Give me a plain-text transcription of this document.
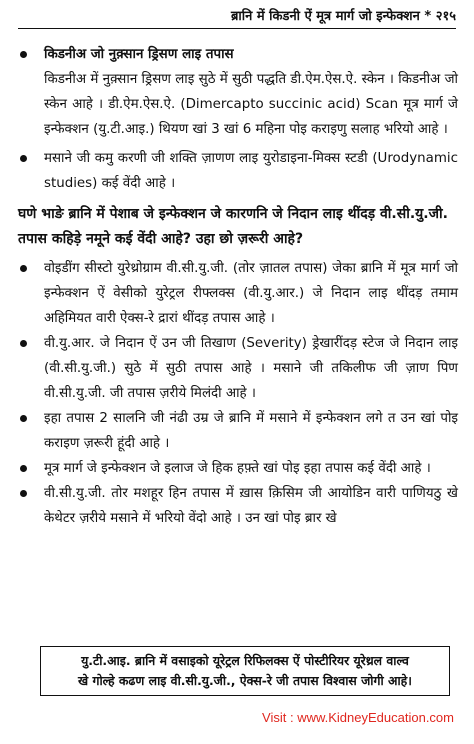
ब्रानि में किडनी ऐं मूत्र मार्ग जो इन्फेक्शन * २१५

किडनीअ जो नुक़्सान ड्रिसण लाइ तपास

किडनीअ में नुक़्सान ड्रिसण लाइ सुठे में सुठी पद्धति डी.ऐम.ऐस.ऐ. स्केन । किडनीअ जो स्केन आहे । डी.ऐम.ऐस.ऐ. (Dimercapto succinic acid) Scan मूत्र मार्ग जे इन्फेक्शन (यु.टी.आइ.) थियण खां 3 खां 6 महिना पोइ कराइणु सलाह भरियो आहे ।

मसाने जी कमु करणी जी शक्ति ज़ाणण लाइ युरोडाइना-मिक्स स्टडी (Urodynamic studies) कई वेंदी आहे ।

घणे भाङे ब्रानि में पेशाब जे इन्फेक्शन जे कारणनि जे निदान लाइ थींदड़ वी.सी.यु.जी. तपास कहिड़े नमूने कई वेंदी आहे? उहा छो ज़रूरी आहे?

वोइडींग सीस्टो युरेथ्रोग्राम वी.सी.यु.जी. (तोर ज़ातल तपास) जेका ब्रानि में मूत्र मार्ग जो इन्फेक्शन ऐं वेसीको युरेट्रल रीफ्लक्स (वी.यु.आर.) जे निदान लाइ थींदड़ तमाम अहिमियत वारी ऐक्स-रे द्रारां थींदड़ तपास आहे ।

वी.यु.आर. जे निदान ऐं उन जी तिखाण (Severity) ड्रेखारींदड़ स्टेज जे निदान लाइ (वी.सी.यु.जी.) सुठे में सुठी तपास आहे । मसाने जी तकिलीफ जी ज़ाण पिण वी.सी.यु.जी. जी तपास ज़रीये मिलंदी आहे ।

इहा तपास 2 सालनि जी नंढी उम्र जे ब्रानि में मसाने में इन्फेक्शन लगे त उन खां पोइ कराइण ज़रूरी हूंदी आहे ।

मूत्र मार्ग जे इन्फेक्शन जे इलाज जे हिक हफ़्ते खां पोइ इहा तपास कई वेंदी आहे ।

वी.सी.यु.जी. तोर मशहूर हिन तपास में ख़ास क़िसिम जी आयोडिन वारी पाणियठु खे केथेटर ज़रीये मसाने में भरियो वेंदो आहे । उन खां पोइ ब्रार खे

यु.टी.आइ. ब्रानि में वसाइको यूरेट्रल रिफिलक्स ऐं पोस्टीरियर यूरेथ्रल वाल्व
खे गोल्हे कढण लाइ वी.सी.यु.जी., ऐक्स-रे जी तपास विश्वास जोगी आहे।
Visit : www.KidneyEducation.com
